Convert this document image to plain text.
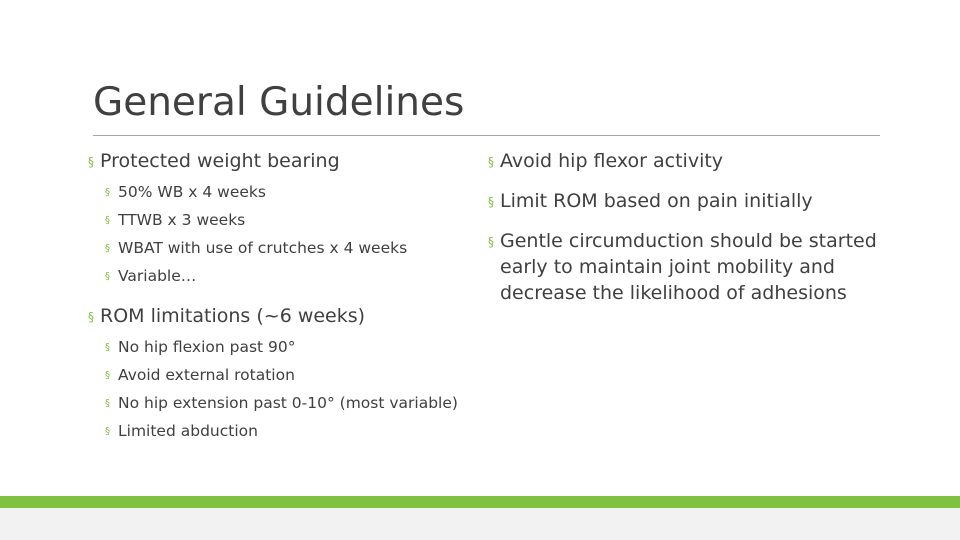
General Guidelines
§ Protected weight bearing
§ 50% WB x 4 weeks
§ TTWB x 3 weeks
§ WBAT with use of crutches x 4 weeks
§ Variable…
§ ROM limitations (~6 weeks)
§ No hip flexion past 90°
§ Avoid external rotation
§ No hip extension past 0-10° (most variable)
§ Limited abduction
§ Avoid hip flexor activity
§ Limit ROM based on pain initially
§ Gentle circumduction should be started early to maintain joint mobility and decrease the likelihood of adhesions
